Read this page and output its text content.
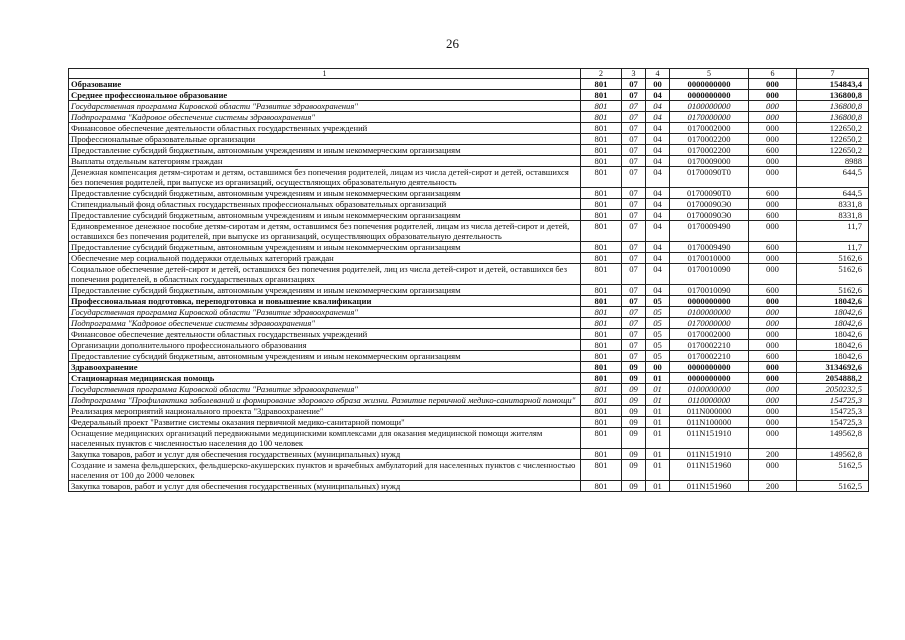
26
1	2	3	4	5	6	7
Образование	801	07	00	0000000000	000	154843,4
Среднее профессиональное образование	801	07	04	0000000000	000	136800,8
Государственная программа Кировской области "Развитие здравоохранения"	801	07	04	0100000000	000	136800,8
Подпрограмма "Кадровое обеспечение системы здравоохранения"	801	07	04	0170000000	000	136800,8
Финансовое обеспечение деятельности областных государственных учреждений	801	07	04	0170002000	000	122650,2
Профессиональные образовательные организации	801	07	04	0170002200	000	122650,2
Предоставление субсидий бюджетным, автономным учреждениям и иным некоммерческим организациям	801	07	04	0170002200	600	122650,2
Выплаты отдельным категориям граждан	801	07	04	0170009000	000	8988
Денежная компенсация детям-сиротам и детям, оставшимся без попечения родителей, лицам из числа детей-сирот и детей, оставшихся без попечения родителей, при выпуске из организаций, осуществляющих образовательную деятельность	801	07	04	01700090Т0	000	644,5
Предоставление субсидий бюджетным, автономным учреждениям и иным некоммерческим организациям	801	07	04	01700090Т0	600	644,5
Стипендиальный фонд областных государственных профессиональных образовательных организаций	801	07	04	01700090Э0	000	8331,8
Предоставление субсидий бюджетным, автономным учреждениям и иным некоммерческим организациям	801	07	04	01700090Э0	600	8331,8
Единовременное денежное пособие детям-сиротам и детям, оставшимся без попечения родителей, лицам из числа детей-сирот и детей, оставшихся без попечения родителей, при выпуске из организаций, осуществляющих образовательную деятельность	801	07	04	0170009490	000	11,7
Предоставление субсидий бюджетным, автономным учреждениям и иным некоммерческим организациям	801	07	04	0170009490	600	11,7
Обеспечение мер социальной поддержки отдельных категорий граждан	801	07	04	0170010000	000	5162,6
Социальное обеспечение детей-сирот и детей, оставшихся без попечения родителей, лиц из числа детей-сирот и детей, оставшихся без попечения родителей, в областных государственных организациях	801	07	04	0170010090	000	5162,6
Предоставление субсидий бюджетным, автономным учреждениям и иным некоммерческим организациям	801	07	04	0170010090	600	5162,6
Профессиональная подготовка, переподготовка и повышение квалификации	801	07	05	0000000000	000	18042,6
Государственная программа Кировской области "Развитие здравоохранения"	801	07	05	0100000000	000	18042,6
Подпрограмма "Кадровое обеспечение системы здравоохранения"	801	07	05	0170000000	000	18042,6
Финансовое обеспечение деятельности областных государственных учреждений	801	07	05	0170002000	000	18042,6
Организации дополнительного профессионального образования	801	07	05	0170002210	000	18042,6
Предоставление субсидий бюджетным, автономным учреждениям и иным некоммерческим организациям	801	07	05	0170002210	600	18042,6
Здравоохранение	801	09	00	0000000000	000	3134692,6
Стационарная медицинская помощь	801	09	01	0000000000	000	2054888,2
Государственная программа Кировской области "Развитие здравоохранения"	801	09	01	0100000000	000	2050232,5
Подпрограмма "Профилактика заболеваний и формирование здорового образа жизни. Развитие первичной медико-санитарной помощи"	801	09	01	0110000000	000	154725,3
Реализация мероприятий национального проекта "Здравоохранение"	801	09	01	011N000000	000	154725,3
Федеральный проект "Развитие системы оказания первичной медико-санитарной помощи"	801	09	01	011N100000	000	154725,3
Оснащение медицинских организаций передвижными медицинскими комплексами для оказания медицинской помощи жителям населенных пунктов с численностью населения до 100 человек	801	09	01	011N151910	000	149562,8
Закупка товаров, работ и услуг для обеспечения государственных (муниципальных) нужд	801	09	01	011N151910	200	149562,8
Создание и замена фельдшерских, фельдшерско-акушерских пунктов и врачебных амбулаторий для населенных пунктов с численностью населения от 100 до 2000 человек	801	09	01	011N151960	000	5162,5
Закупка товаров, работ и услуг для обеспечения государственных (муниципальных) нужд	801	09	01	011N151960	200	5162,5
